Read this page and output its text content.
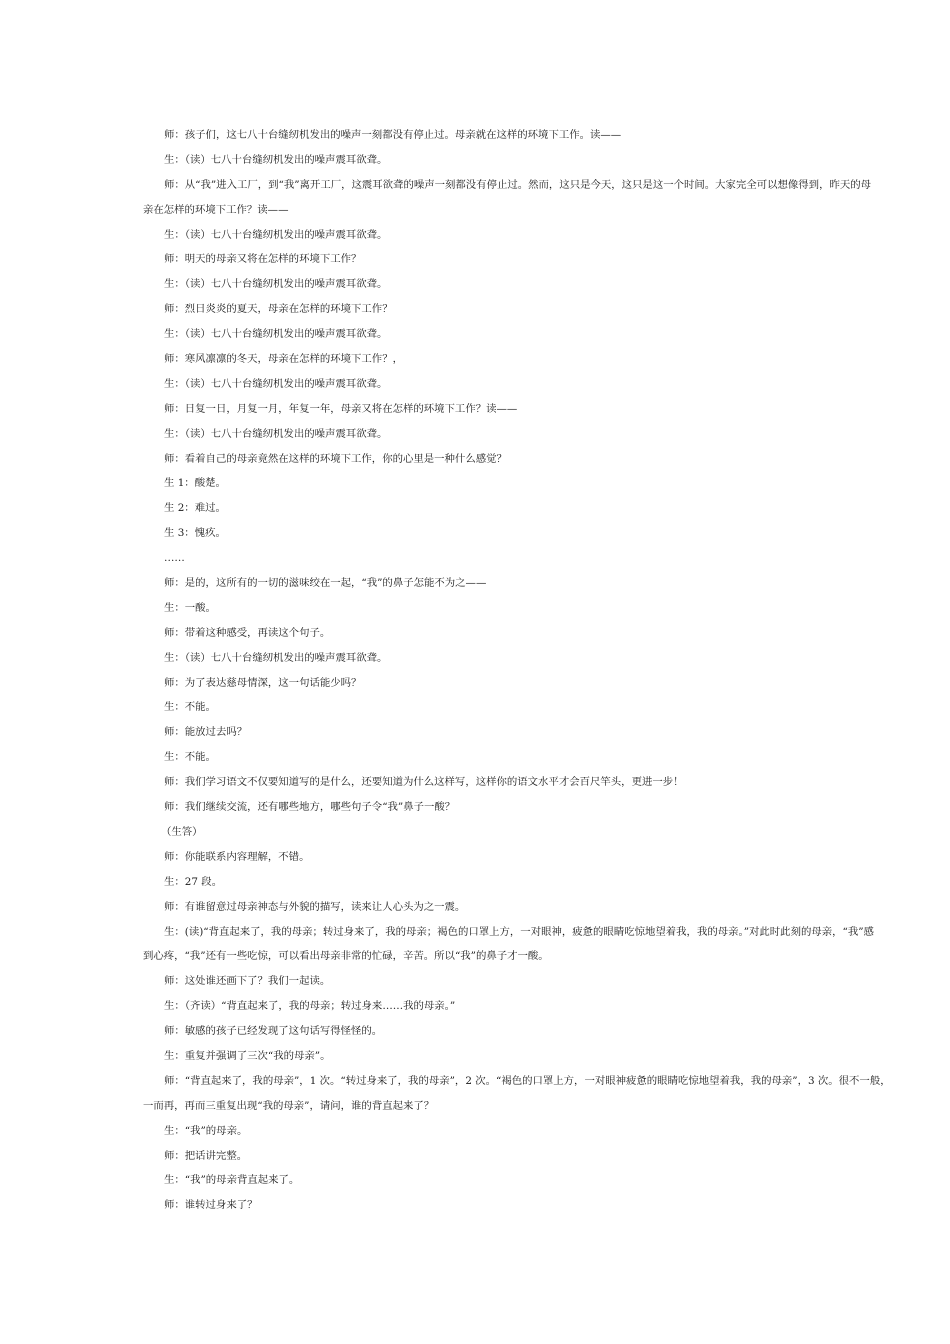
师：孩子们，这七八十台缝纫机发出的噪声一刻都没有停止过。母亲就在这样的环境下工作。读——
生：（读）七八十台缝纫机发出的噪声震耳欲聋。
师：从“我”进入工厂，到“我”离开工厂，这震耳欲聋的噪声一刻都没有停止过。然而，这只是今天，这只是这一个时间。大家完全可以想像得到，昨天的母
亲在怎样的环境下工作？读——
生：（读）七八十台缝纫机发出的噪声震耳欲聋。
师：明天的母亲又将在怎样的环境下工作？
生：（读）七八十台缝纫机发出的噪声震耳欲聋。
师：烈日炎炎的夏天，母亲在怎样的环境下工作？
生：（读）七八十台缝纫机发出的噪声震耳欲聋。
师：寒风凛凛的冬天，母亲在怎样的环境下工作？，
生：（读）七八十台缝纫机发出的噪声震耳欲聋。
师：日复一日，月复一月，年复一年，母亲又将在怎样的环境下工作？读——
生：（读）七八十台缝纫机发出的噪声震耳欲聋。
师：看着自己的母亲竟然在这样的环境下工作，你的心里是一种什么感觉？
生 1：酸楚。
生 2：难过。
生 3：愧疚。
……
师：是的，这所有的一切的滋味绞在一起，“我”的鼻子怎能不为之——
生：一酸。
师：带着这种感受，再读这个句子。
生：（读）七八十台缝纫机发出的噪声震耳欲聋。
师：为了表达慈母情深，这一句话能少吗？
生：不能。
师：能放过去吗？
生：不能。
师：我们学习语文不仅要知道写的是什么，还要知道为什么这样写，这样你的语文水平才会百尺竿头，更进一步！
师：我们继续交流，还有哪些地方，哪些句子令“我”鼻子一酸？
（生答）
师：你能联系内容理解，不错。
生：27 段。
师：有谁留意过母亲神态与外貌的描写，读来让人心头为之一震。
生：(读)“背直起来了，我的母亲；转过身来了，我的母亲；褐色的口罩上方，一对眼神，疲惫的眼睛吃惊地望着我，我的母亲。”对此时此刻的母亲，“我”感
到心疼，“我”还有一些吃惊，可以看出母亲非常的忙碌，辛苦。所以“我”的鼻子才一酸。
师：这处谁还画下了？我们一起读。
生：（齐读）“背直起来了，我的母亲；转过身来……我的母亲。”
师：敏感的孩子已经发现了这句话写得怪怪的。
生：重复并强调了三次“我的母亲”。
师：“背直起来了，我的母亲”，1 次。“转过身来了，我的母亲”，2 次。“褐色的口罩上方，一对眼神疲惫的眼睛吃惊地望着我，我的母亲”，3 次。很不一般，
一而再，再而三重复出现“我的母亲”，请问，谁的背直起来了？
生：“我”的母亲。
师：把话讲完整。
生：“我”的母亲背直起来了。
师：谁转过身来了？
